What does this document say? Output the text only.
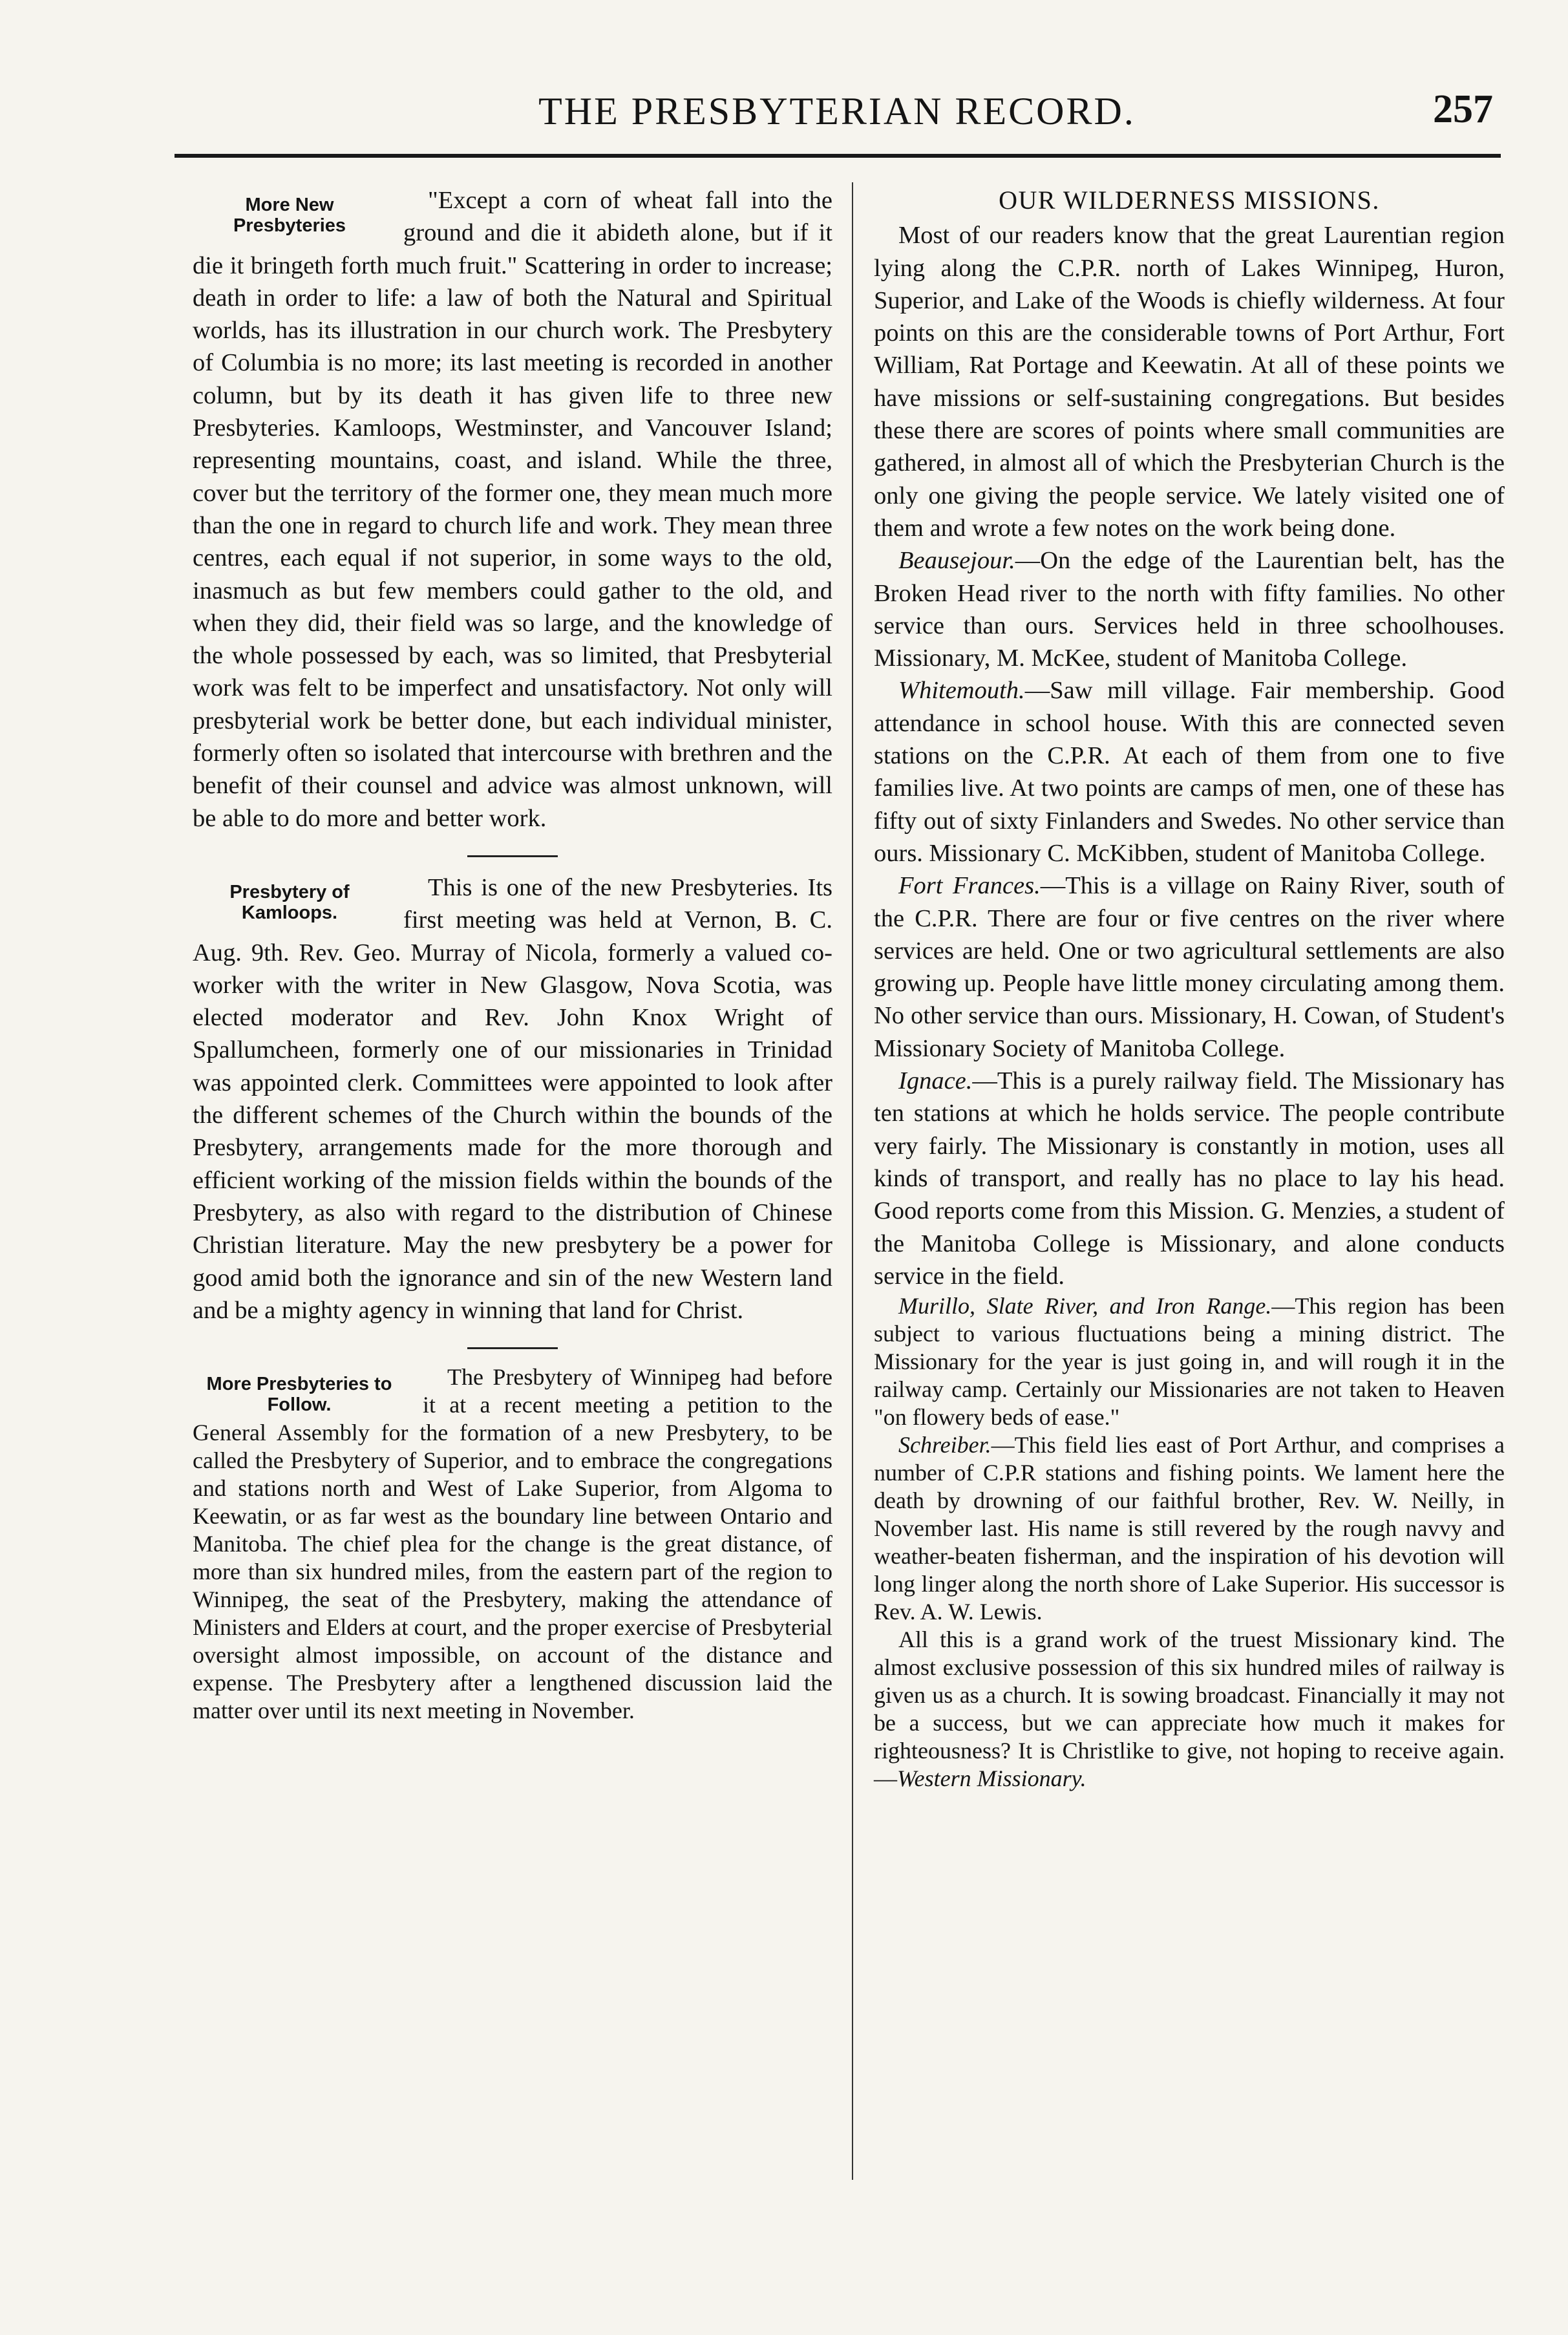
THE PRESBYTERIAN RECORD.	257
More New Presbyteries

"Except a corn of wheat fall into the ground and die it abideth alone, but if it die it bringeth forth much fruit." Scattering in order to increase; death in order to life: a law of both the Natural and Spiritual worlds, has its illustration in our church work. The Presbytery of Columbia is no more; its last meeting is recorded in another column, but by its death it has given life to three new Presbyteries. Kamloops, Westminster, and Vancouver Island; representing mountains, coast, and island. While the three, cover but the territory of the former one, they mean much more than the one in regard to church life and work. They mean three centres, each equal if not superior, in some ways to the old, inasmuch as but few members could gather to the old, and when they did, their field was so large, and the knowledge of the whole possessed by each, was so limited, that Presbyterial work was felt to be imperfect and unsatisfactory. Not only will presbyterial work be better done, but each individual minister, formerly often so isolated that intercourse with brethren and the benefit of their counsel and advice was almost unknown, will be able to do more and better work.

Presbytery of Kamloops.

This is one of the new Presbyteries. Its first meeting was held at Vernon, B. C. Aug. 9th. Rev. Geo. Murray of Nicola, formerly a valued co-worker with the writer in New Glasgow, Nova Scotia, was elected moderator and Rev. John Knox Wright of Spallumcheen, formerly one of our missionaries in Trinidad was appointed clerk. Committees were appointed to look after the different schemes of the Church within the bounds of the Presbytery, arrangements made for the more thorough and efficient working of the mission fields within the bounds of the Presbytery, as also with regard to the distribution of Chinese Christian literature. May the new presbytery be a power for good amid both the ignorance and sin of the new Western land and be a mighty agency in winning that land for Christ.

More Presbyteries to Follow.

The Presbytery of Winnipeg had before it at a recent meeting a petition to the General Assembly for the formation of a new Presbytery, to be called the Presbytery of Superior, and to embrace the congregations and stations north and West of Lake Superior, from Algoma to Keewatin, or as far west as the boundary line between Ontario and Manitoba. The chief plea for the change is the great distance, of more than six hundred miles, from the eastern part of the region to Winnipeg, the seat of the Presbytery, making the attendance of Ministers and Elders at court, and the proper exercise of Presbyterial oversight almost impossible, on account of the distance and expense. The Presbytery after a lengthened discussion laid the matter over until its next meeting in November.

OUR WILDERNESS MISSIONS.

Most of our readers know that the great Laurentian region lying along the C.P.R. north of Lakes Winnipeg, Huron, Superior, and Lake of the Woods is chiefly wilderness. At four points on this are the considerable towns of Port Arthur, Fort William, Rat Portage and Keewatin. At all of these points we have missions or self-sustaining congregations. But besides these there are scores of points where small communities are gathered, in almost all of which the Presbyterian Church is the only one giving the people service. We lately visited one of them and wrote a few notes on the work being done.

Beausejour.—On the edge of the Laurentian belt, has the Broken Head river to the north with fifty families. No other service than ours. Services held in three schoolhouses. Missionary, M. McKee, student of Manitoba College.

Whitemouth.—Saw mill village. Fair membership. Good attendance in school house. With this are connected seven stations on the C.P.R. At each of them from one to five families live. At two points are camps of men, one of these has fifty out of sixty Finlanders and Swedes. No other service than ours. Missionary C. McKibben, student of Manitoba College.

Fort Frances.—This is a village on Rainy River, south of the C.P.R. There are four or five centres on the river where services are held. One or two agricultural settlements are also growing up. People have little money circulating among them. No other service than ours. Missionary, H. Cowan, of Student's Missionary Society of Manitoba College.

Ignace.—This is a purely railway field. The Missionary has ten stations at which he holds service. The people contribute very fairly. The Missionary is constantly in motion, uses all kinds of transport, and really has no place to lay his head. Good reports come from this Mission. G. Menzies, a student of the Manitoba College is Missionary, and alone conducts service in the field.

Murillo, Slate River, and Iron Range.—This region has been subject to various fluctuations being a mining district. The Missionary for the year is just going in, and will rough it in the railway camp. Certainly our Missionaries are not taken to Heaven "on flowery beds of ease."

Schreiber.—This field lies east of Port Arthur, and comprises a number of C.P.R stations and fishing points. We lament here the death by drowning of our faithful brother, Rev. W. Neilly, in November last. His name is still revered by the rough navvy and weather-beaten fisherman, and the inspiration of his devotion will long linger along the north shore of Lake Superior. His successor is Rev. A. W. Lewis.

All this is a grand work of the truest Missionary kind. The almost exclusive possession of this six hundred miles of railway is given us as a church. It is sowing broadcast. Financially it may not be a success, but we can appreciate how much it makes for righteousness? It is Christlike to give, not hoping to receive again.—Western Missionary.
